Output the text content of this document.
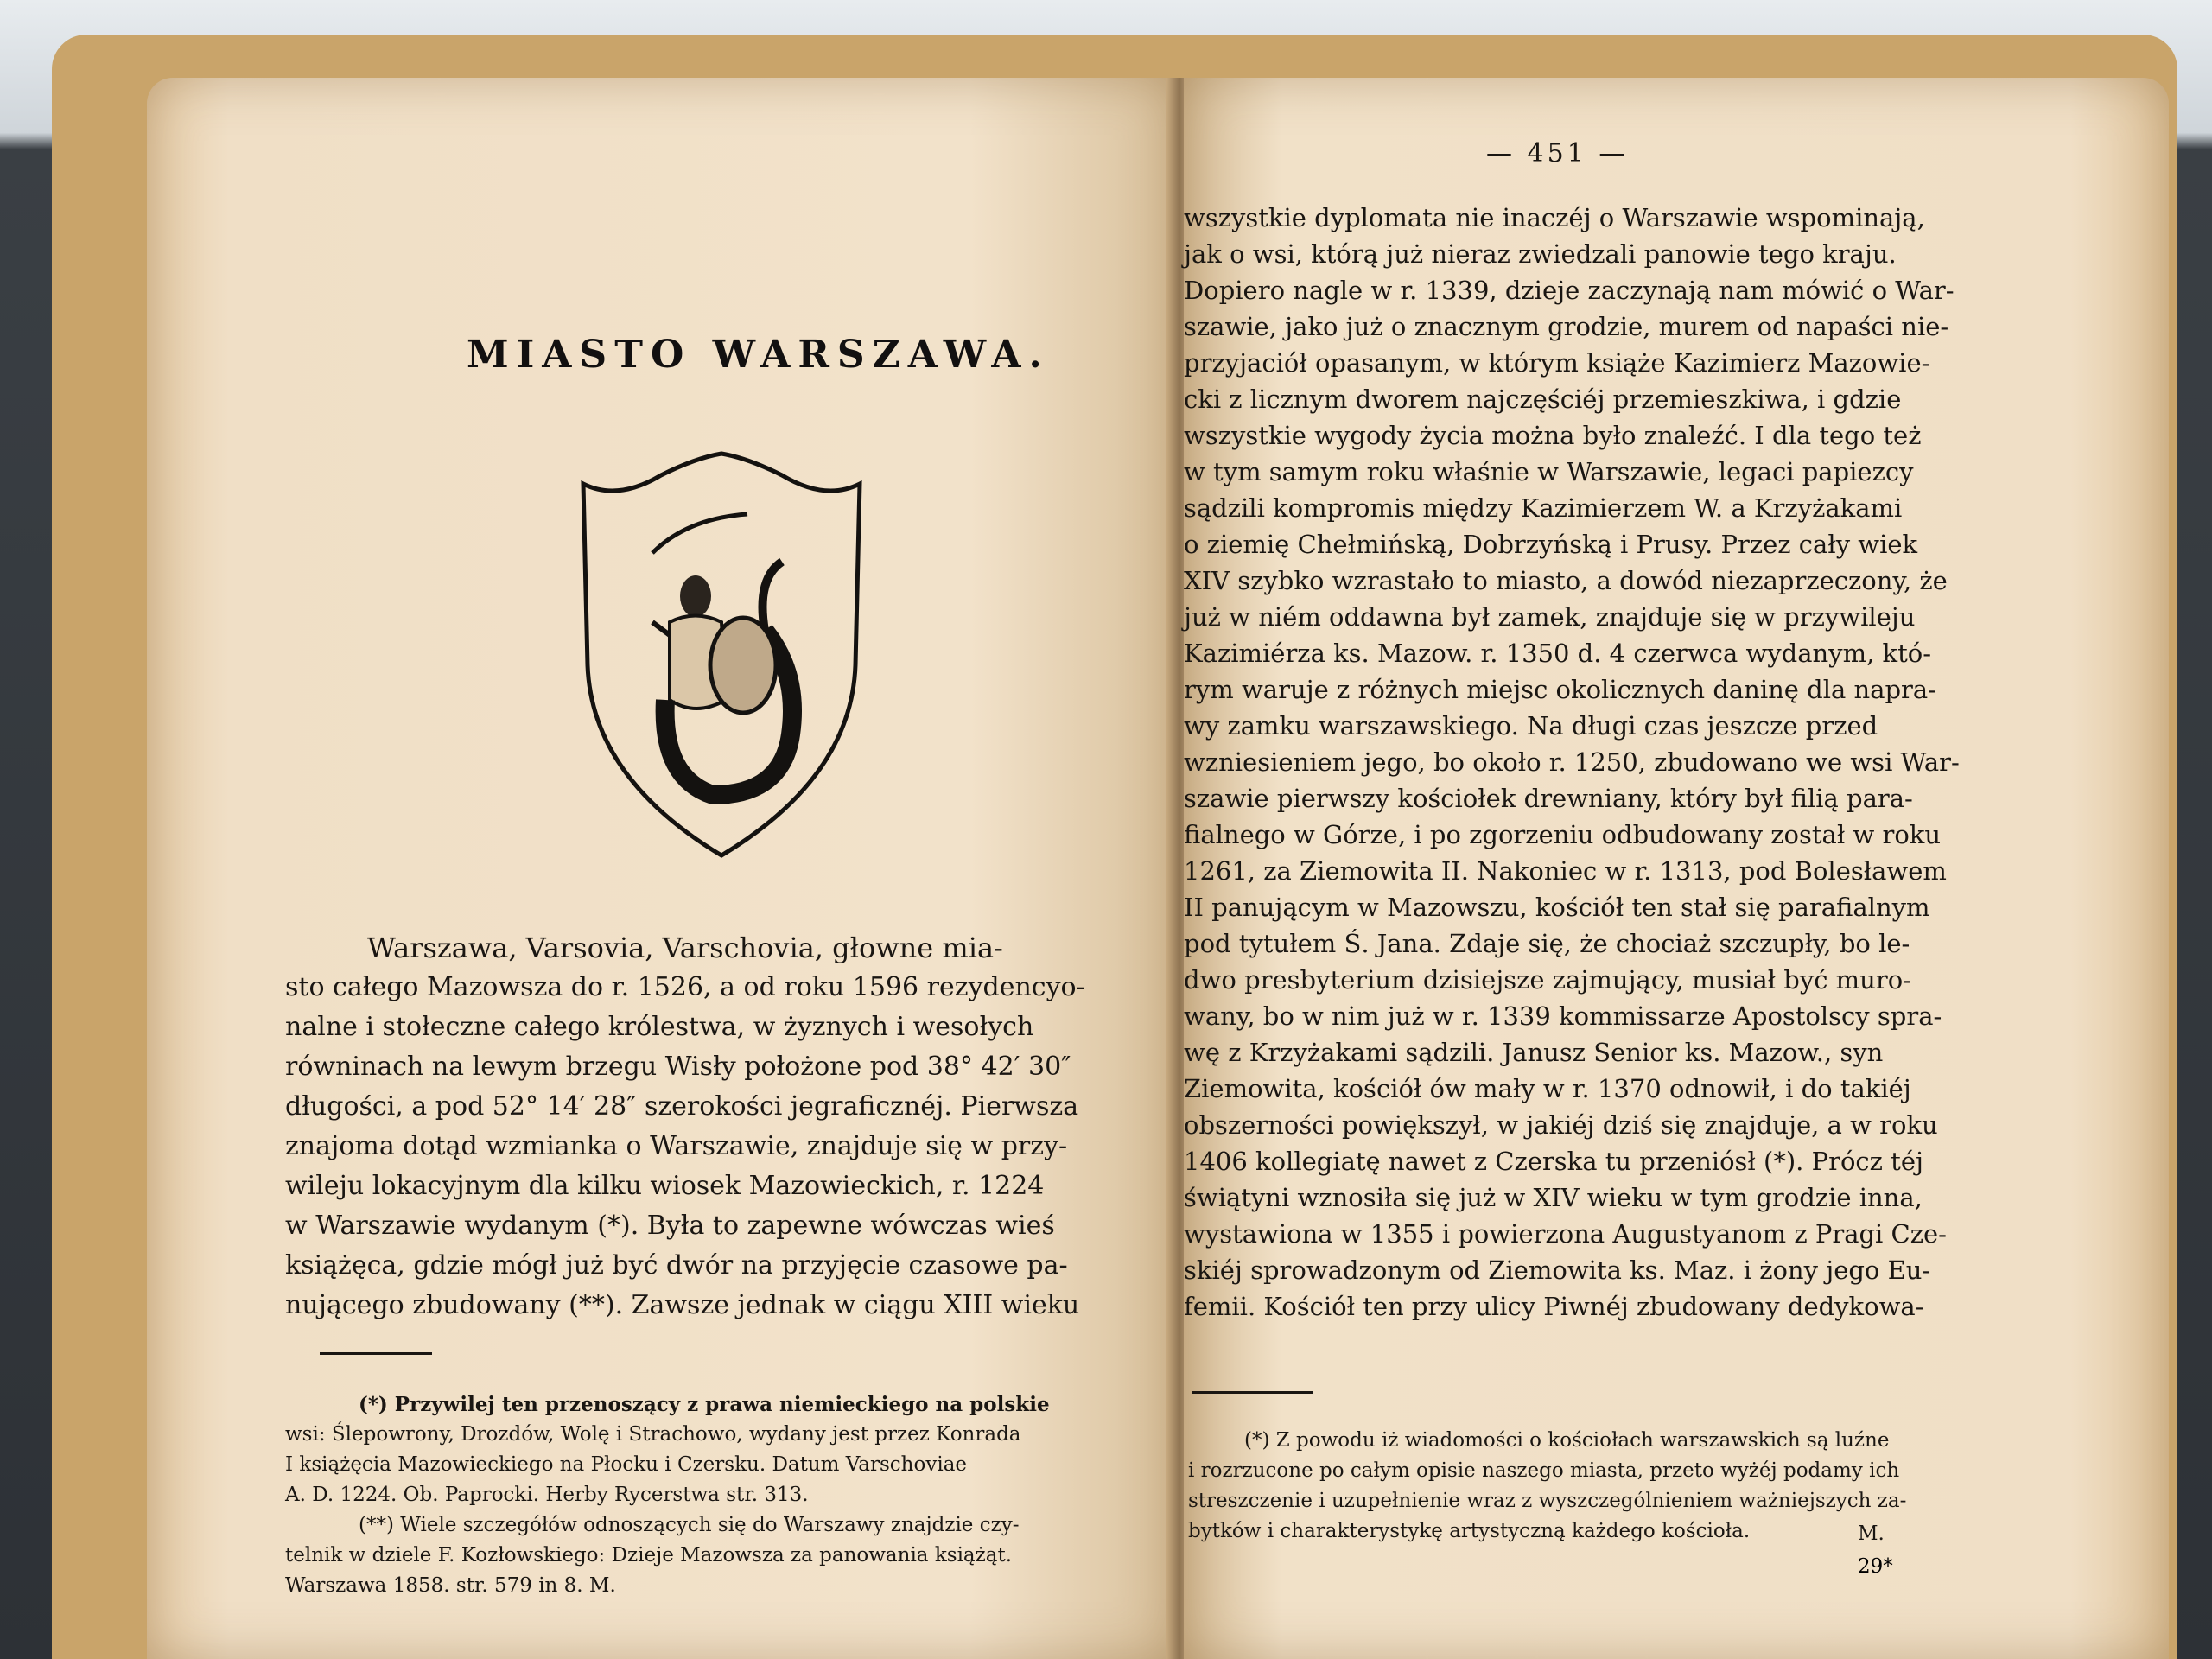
MIASTO WARSZAWA.
Warszawa, Varsovia, Varschovia, głowne mia-
sto całego Mazowsza do r. 1526, a od roku 1596 rezydencyo-
nalne i stołeczne całego królestwa, w żyznych i wesołych
równinach na lewym brzegu Wisły położone pod 38° 42′ 30″
długości, a pod 52° 14′ 28″ szerokości jegraficznéj. Pierwsza
znajoma dotąd wzmianka o Warszawie, znajduje się w przy-
wileju lokacyjnym dla kilku wiosek Mazowieckich, r. 1224
w Warszawie wydanym (*). Była to zapewne wówczas wieś
książęca, gdzie mógł już być dwór na przyjęcie czasowe pa-
nującego zbudowany (**). Zawsze jednak w ciągu XIII wieku
(*) Przywilej ten przenoszący z prawa niemieckiego na polskie
wsi: Ślepowrony, Drozdów, Wolę i Strachowo, wydany jest przez Konrada
I książęcia Mazowieckiego na Płocku i Czersku. Datum Varschoviae
A. D. 1224. Ob. Paprocki. Herby Rycerstwa str. 313.
(**) Wiele szczegółów odnoszących się do Warszawy znajdzie czy-
telnik w dziele F. Kozłowskiego: Dzieje Mazowsza za panowania książąt.
Warszawa 1858. str. 579 in 8. M.
— 451 —
wszystkie dyplomata nie inaczéj o Warszawie wspominają,
jak o wsi, którą już nieraz zwiedzali panowie tego kraju.
Dopiero nagle w r. 1339, dzieje zaczynają nam mówić o War-
szawie, jako już o znacznym grodzie, murem od napaści nie-
przyjaciół opasanym, w którym książe Kazimierz Mazowie-
cki z licznym dworem najczęściéj przemieszkiwa, i gdzie
wszystkie wygody życia można było znaleźć. I dla tego też
w tym samym roku właśnie w Warszawie, legaci papiezcy
sądzili kompromis między Kazimierzem W. a Krzyżakami
o ziemię Chełmińską, Dobrzyńską i Prusy. Przez cały wiek
XIV szybko wzrastało to miasto, a dowód niezaprzeczony, że
już w niém oddawna był zamek, znajduje się w przywileju
Kazimiérza ks. Mazow. r. 1350 d. 4 czerwca wydanym, któ-
rym waruje z różnych miejsc okolicznych daninę dla napra-
wy zamku warszawskiego. Na długi czas jeszcze przed
wzniesieniem jego, bo około r. 1250, zbudowano we wsi War-
szawie pierwszy kościołek drewniany, który był filią para-
fialnego w Górze, i po zgorzeniu odbudowany został w roku
1261, za Ziemowita II. Nakoniec w r. 1313, pod Bolesławem
II panującym w Mazowszu, kościół ten stał się parafialnym
pod tytułem Ś. Jana. Zdaje się, że chociaż szczupły, bo le-
dwo presbyterium dzisiejsze zajmujący, musiał być muro-
wany, bo w nim już w r. 1339 kommissarze Apostolscy spra-
wę z Krzyżakami sądzili. Janusz Senior ks. Mazow., syn
Ziemowita, kościół ów mały w r. 1370 odnowił, i do takiéj
obszerności powiększył, w jakiéj dziś się znajduje, a w roku
1406 kollegiatę nawet z Czerska tu przeniósł (*). Prócz téj
świątyni wznosiła się już w XIV wieku w tym grodzie inna,
wystawiona w 1355 i powierzona Augustyanom z Pragi Cze-
skiéj sprowadzonym od Ziemowita ks. Maz. i żony jego Eu-
femii. Kościół ten przy ulicy Piwnéj zbudowany dedykowa-
(*) Z powodu iż wiadomości o kościołach warszawskich są luźne
i rozrzucone po całym opisie naszego miasta, przeto wyżéj podamy ich
streszczenie i uzupełnienie wraz z wyszczególnieniem ważniejszych za-
bytków i charakterystykę artystyczną każdego kościoła.	M.
29*
